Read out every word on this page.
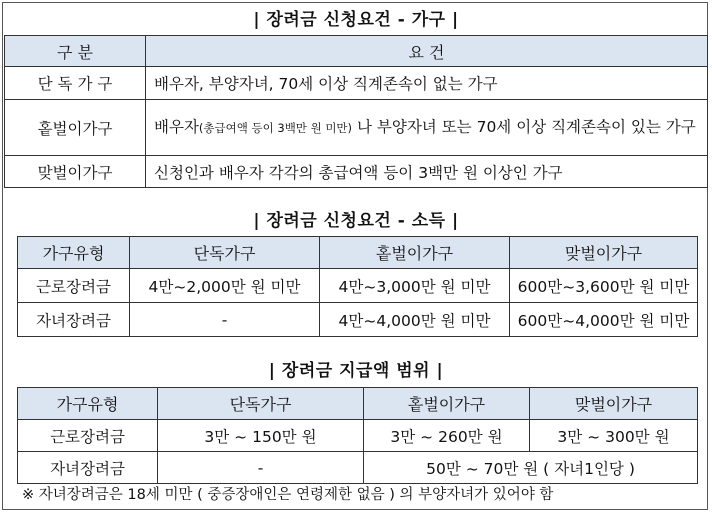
| 장려금 신청요건 - 가구 |
구 분	요 건
단 독 가 구	배우자, 부양자녀, 70세 이상 직계존속이 없는 가구
홑벌이가구	배우자(총급여액 등이 3백만 원 미만) 나 부양자녀 또는 70세 이상 직계존속이 있는 가구
맞벌이가구	신청인과 배우자 각각의 총급여액 등이 3백만 원 이상인 가구
| 장려금 신청요건 - 소득 |
가구유형	단독가구	홑벌이가구	맞벌이가구
근로장려금	4만~2,000만 원 미만	4만~3,000만 원 미만	600만~3,600만 원 미만
자녀장려금	-	4만~4,000만 원 미만	600만~4,000만 원 미만
| 장려금 지급액 범위 |
가구유형	단독가구	홑벌이가구	맞벌이가구
근로장려금	3만 ~ 150만 원	3만 ~ 260만 원	3만 ~ 300만 원
자녀장려금	-	50만 ~ 70만 원 ( 자녀1인당 )	
※ 자녀장려금은 18세 미만 ( 중증장애인은 연령제한 없음 ) 의 부양자녀가 있어야 함
